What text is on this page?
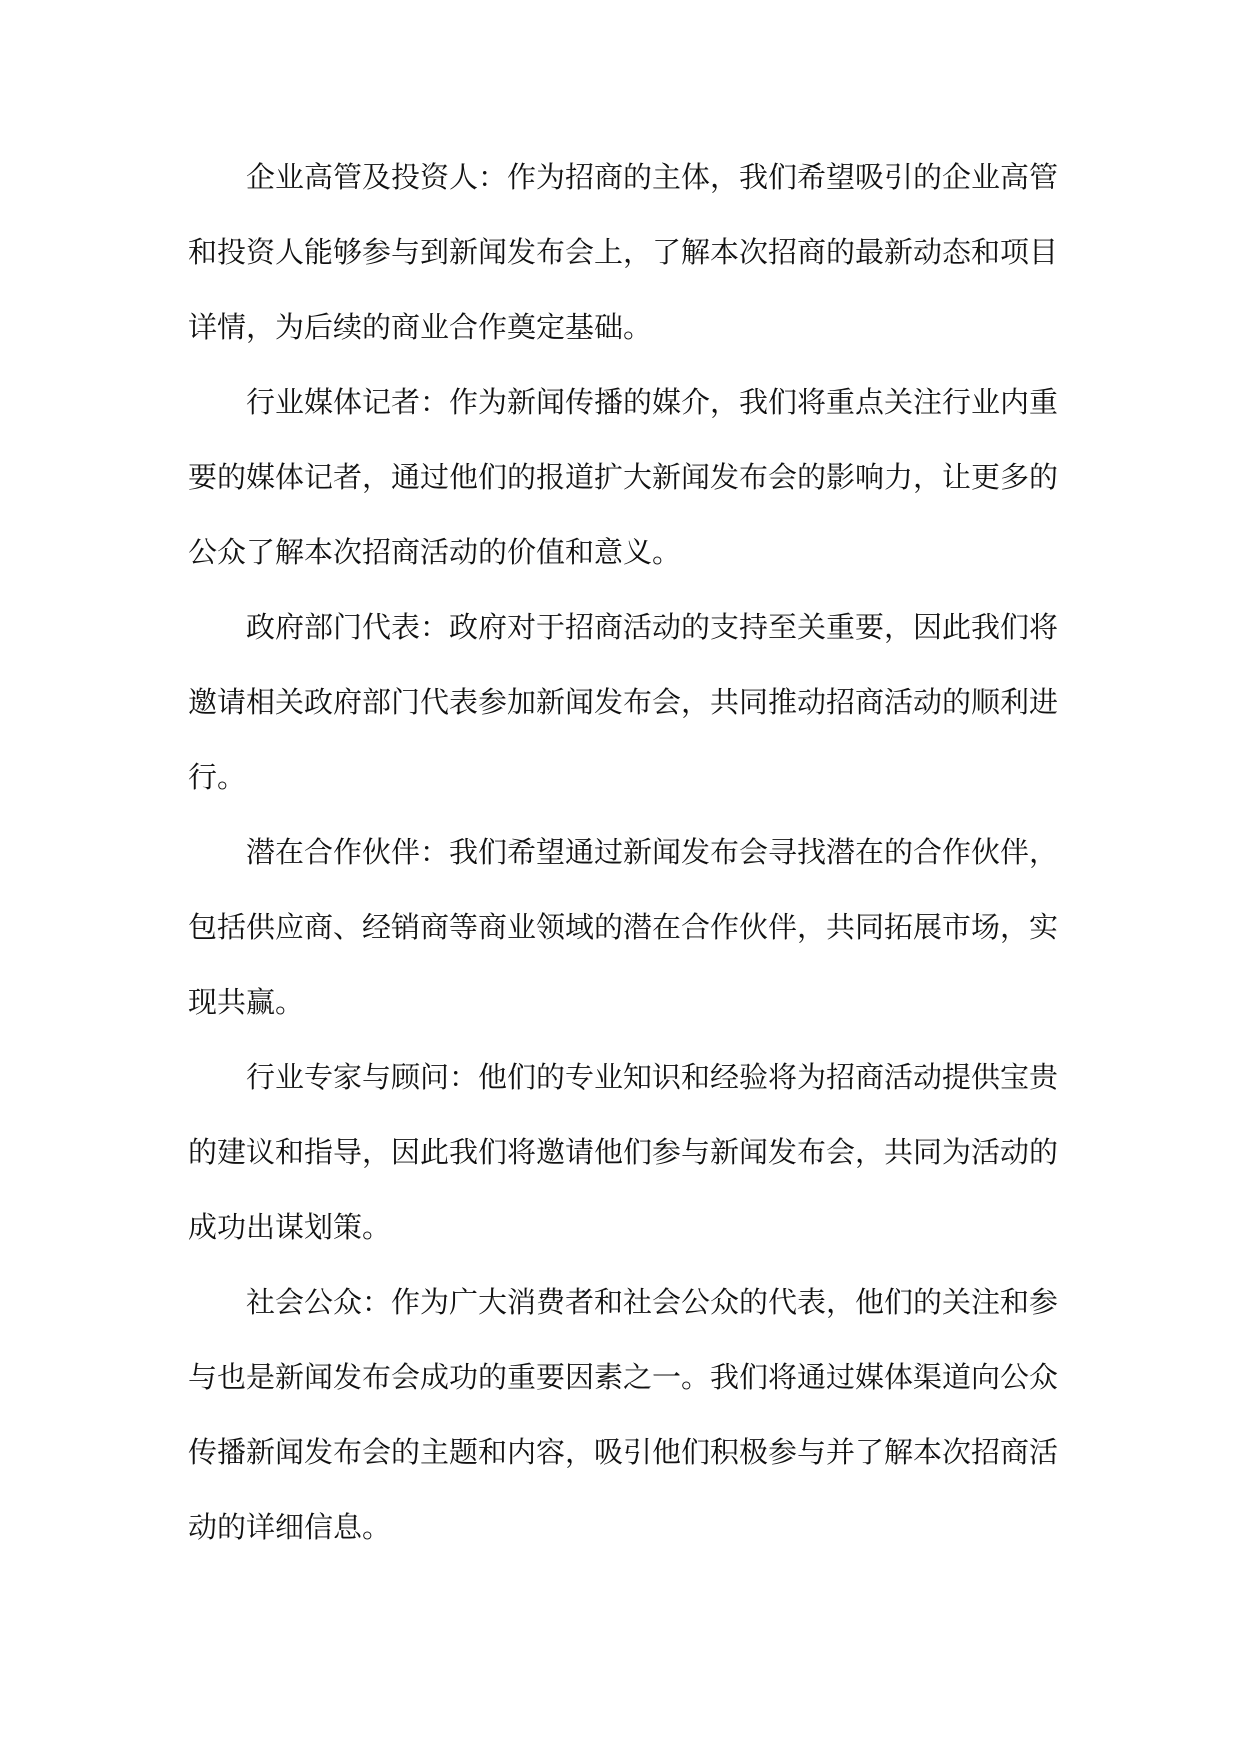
企业高管及投资人：作为招商的主体，我们希望吸引的企业高管和投资人能够参与到新闻发布会上，了解本次招商的最新动态和项目详情，为后续的商业合作奠定基础。

行业媒体记者：作为新闻传播的媒介，我们将重点关注行业内重要的媒体记者，通过他们的报道扩大新闻发布会的影响力，让更多的公众了解本次招商活动的价值和意义。

政府部门代表：政府对于招商活动的支持至关重要，因此我们将邀请相关政府部门代表参加新闻发布会，共同推动招商活动的顺利进行。

潜在合作伙伴：我们希望通过新闻发布会寻找潜在的合作伙伴，包括供应商、经销商等商业领域的潜在合作伙伴，共同拓展市场，实现共赢。

行业专家与顾问：他们的专业知识和经验将为招商活动提供宝贵的建议和指导，因此我们将邀请他们参与新闻发布会，共同为活动的成功出谋划策。

社会公众：作为广大消费者和社会公众的代表，他们的关注和参与也是新闻发布会成功的重要因素之一。我们将通过媒体渠道向公众传播新闻发布会的主题和内容，吸引他们积极参与并了解本次招商活动的详细信息。
